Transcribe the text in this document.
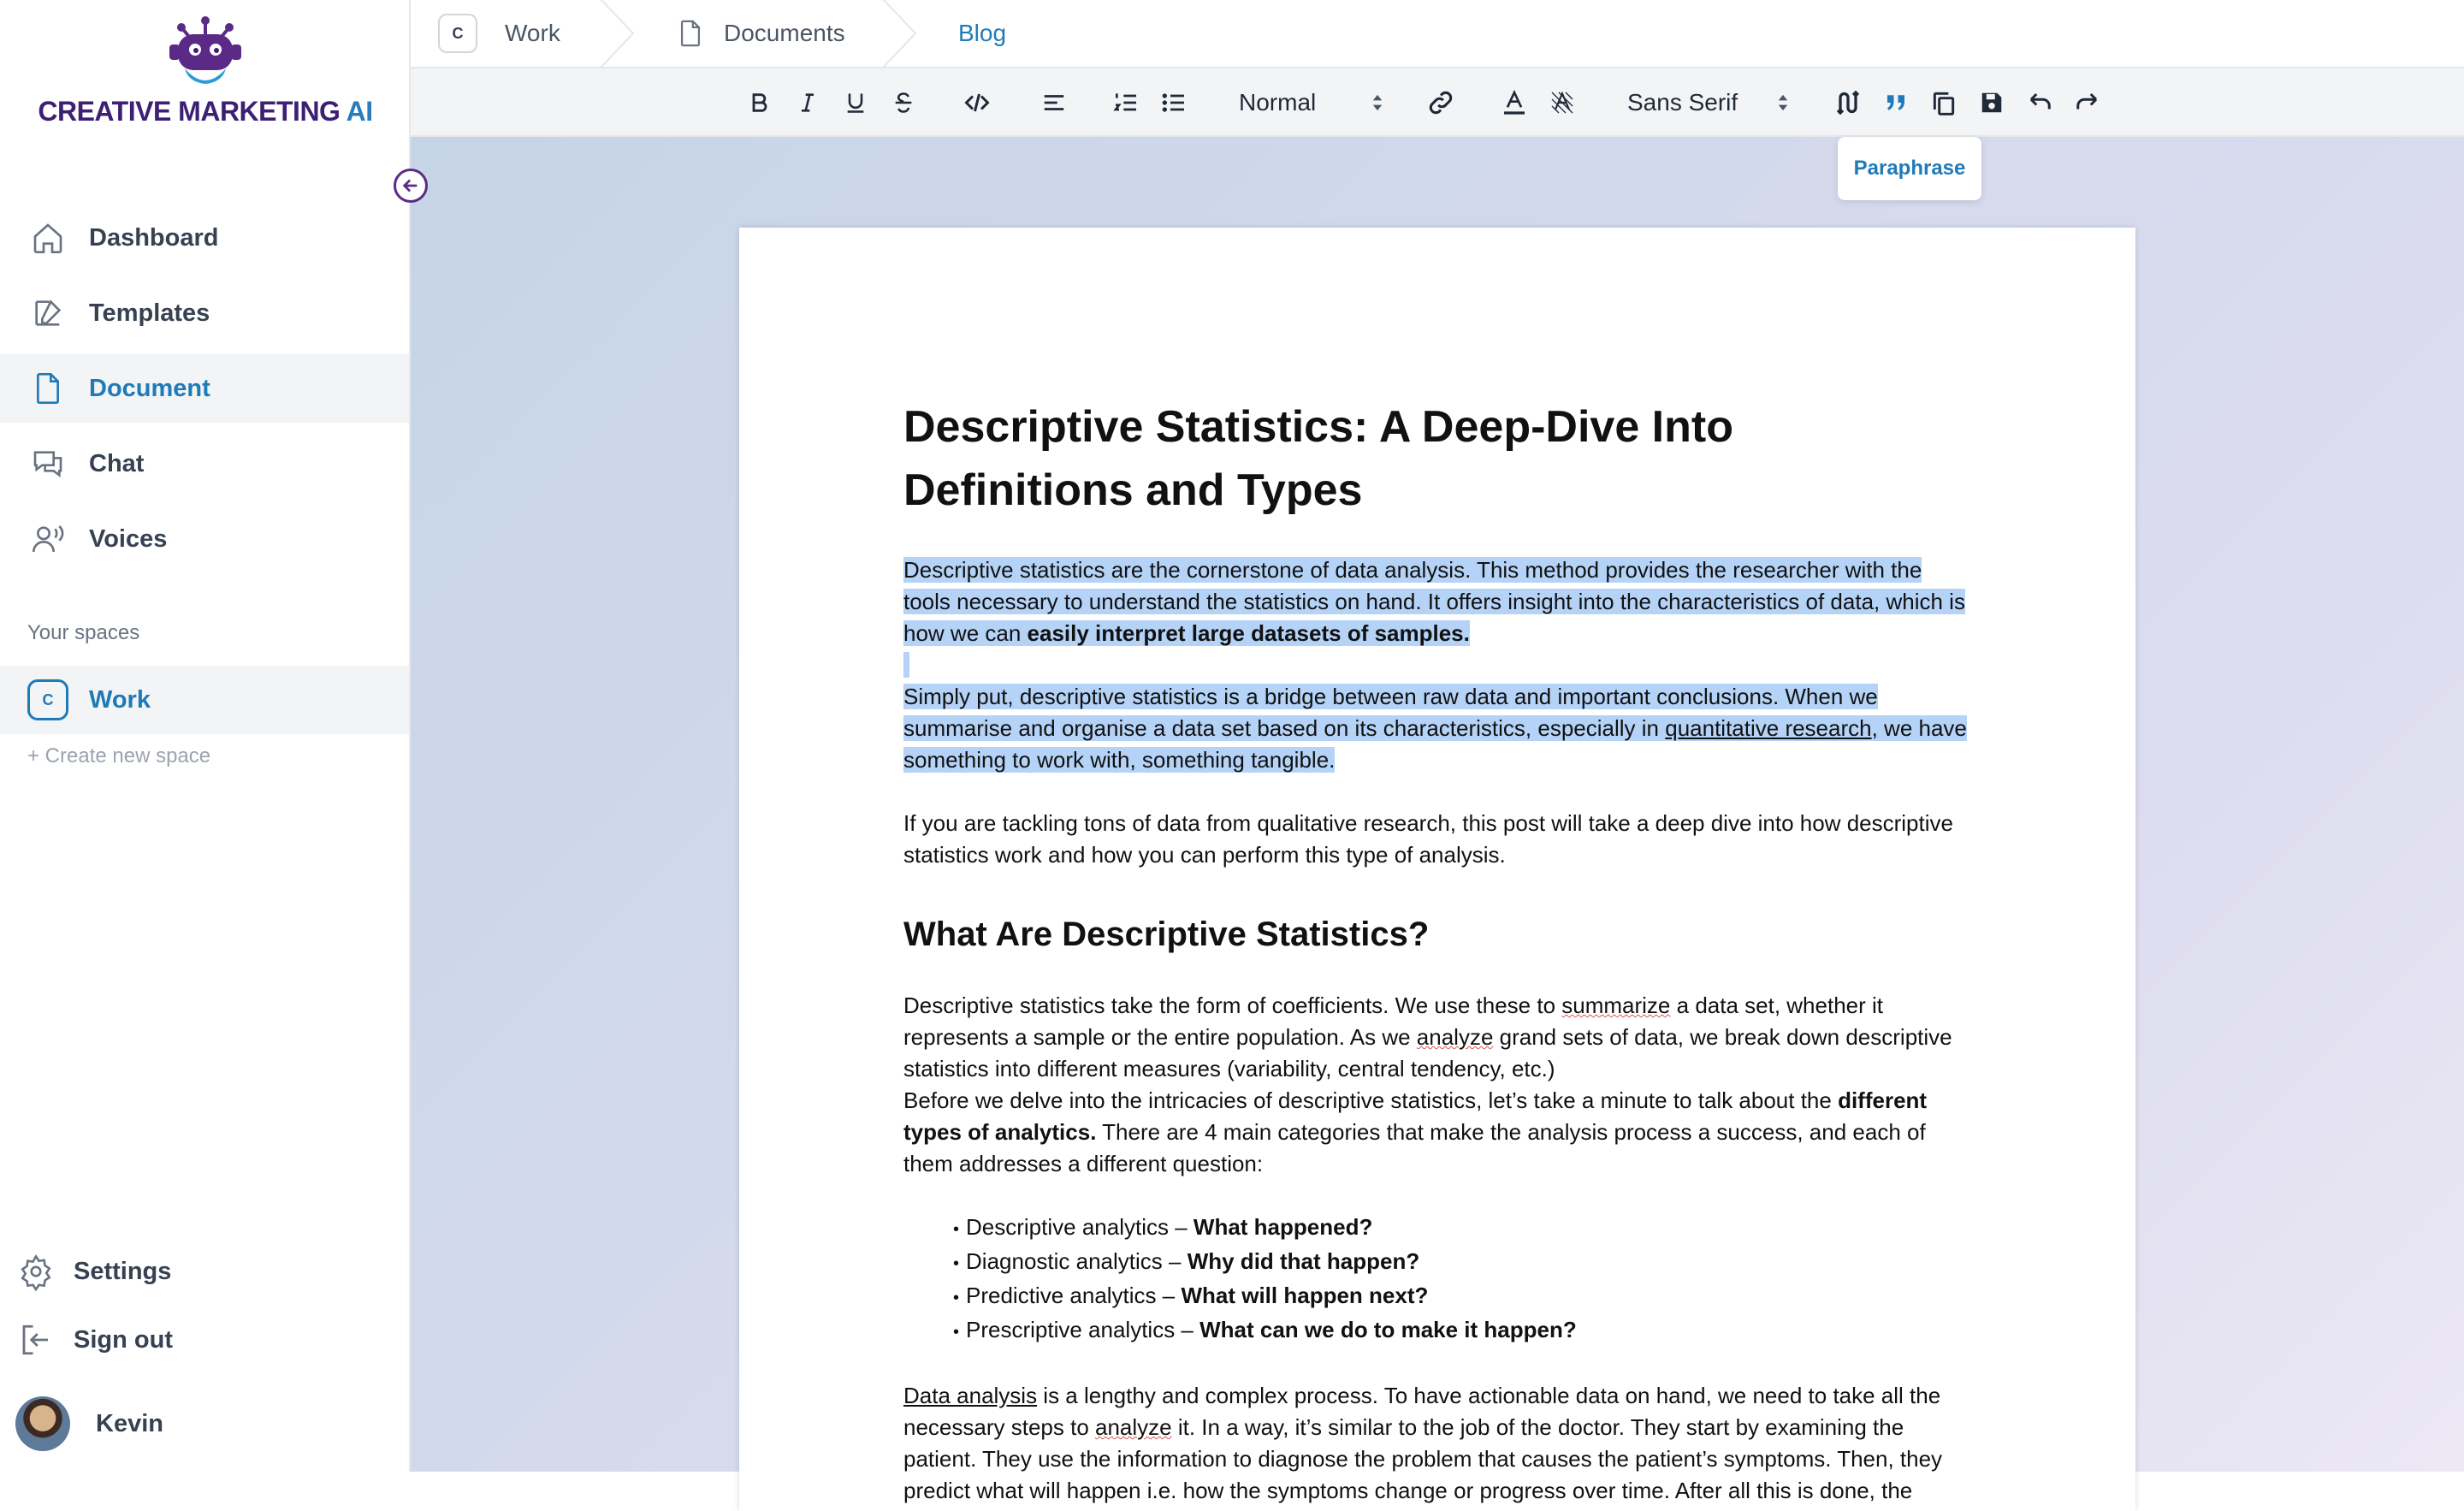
CREATIVE MARKETING AI
Dashboard
Templates
Document
Chat
Voices
Your spaces
C	Work
+ Create new space
Settings
Sign out
Kevin
C	Work	Documents	Blog
Normal	Sans Serif
Paraphrase
Descriptive Statistics: A Deep-Dive Into Definitions and Types

Descriptive statistics are the cornerstone of data analysis. This method provides the researcher with the tools necessary to understand the statistics on hand. It offers insight into the characteristics of data, which is how we can easily interpret large datasets of samples.

Simply put, descriptive statistics is a bridge between raw data and important conclusions. When we summarise and organise a data set based on its characteristics, especially in quantitative research, we have something to work with, something tangible.

If you are tackling tons of data from qualitative research, this post will take a deep dive into how descriptive statistics work and how you can perform this type of analysis.

What Are Descriptive Statistics?

Descriptive statistics take the form of coefficients. We use these to summarize a data set, whether it represents a sample or the entire population. As we analyze grand sets of data, we break down descriptive statistics into different measures (variability, central tendency, etc.)

Before we delve into the intricacies of descriptive statistics, let’s take a minute to talk about the different types of analytics. There are 4 main categories that make the analysis process a success, and each of them addresses a different question:

• Descriptive analytics – What happened?
• Diagnostic analytics – Why did that happen?
• Predictive analytics – What will happen next?
• Prescriptive analytics – What can we do to make it happen?

Data analysis is a lengthy and complex process. To have actionable data on hand, we need to take all the necessary steps to analyze it. In a way, it’s similar to the job of the doctor. They start by examining the patient. They use the information to diagnose the problem that causes the patient’s symptoms. Then, they predict what will happen i.e. how the symptoms change or progress over time. After all this is done, the
